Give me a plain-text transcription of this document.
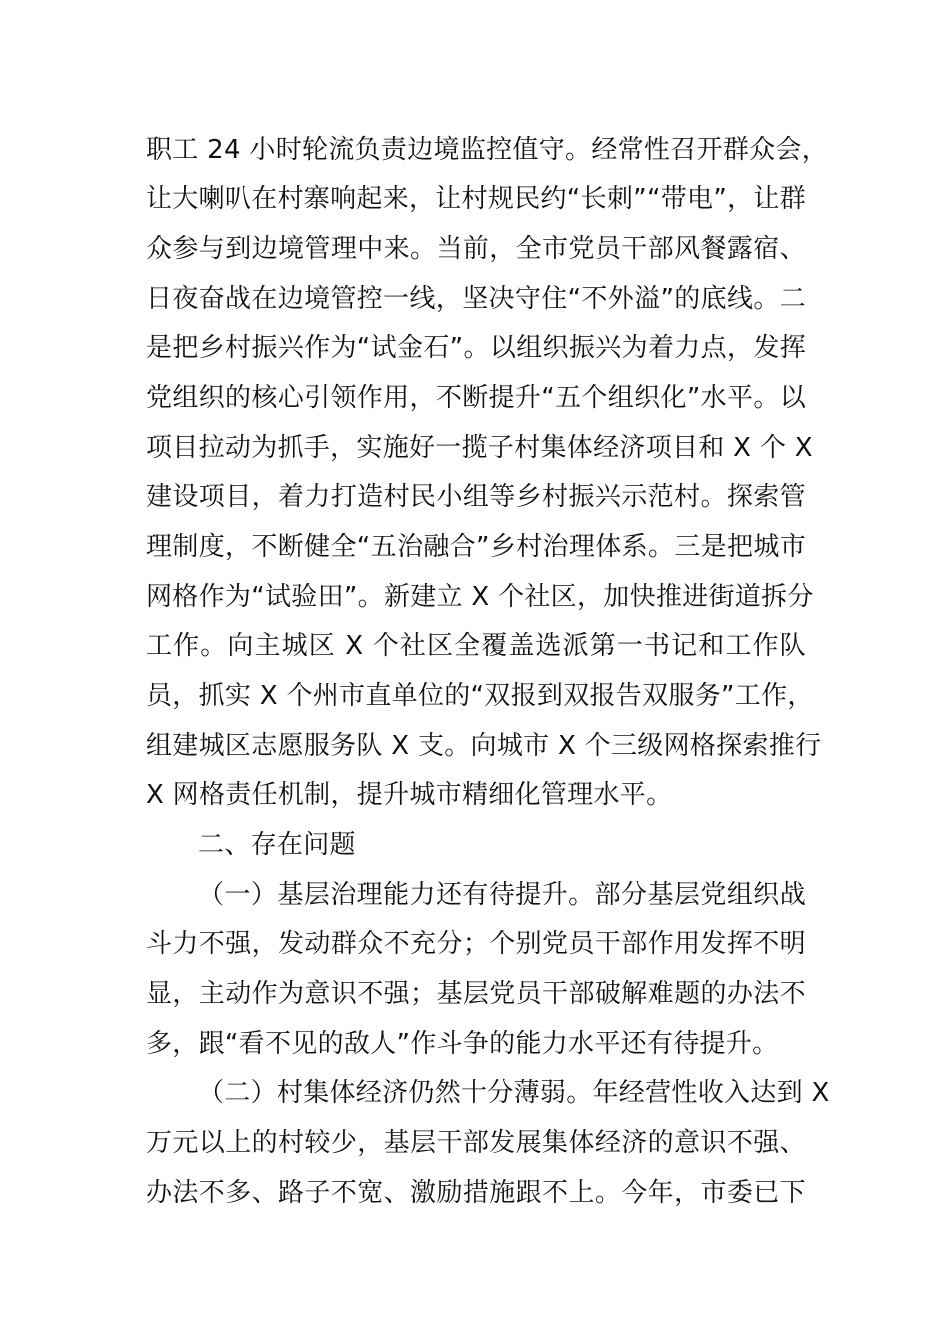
职工 24 小时轮流负责边境监控值守。经常性召开群众会，
让大喇叭在村寨响起来，让村规民约“长刺”“带电”，让群
众参与到边境管理中来。当前，全市党员干部风餐露宿、
日夜奋战在边境管控一线，坚决守住“不外溢”的底线。二
是把乡村振兴作为“试金石”。以组织振兴为着力点，发挥
党组织的核心引领作用，不断提升“五个组织化”水平。以
项目拉动为抓手，实施好一揽子村集体经济项目和 X 个 X
建设项目，着力打造村民小组等乡村振兴示范村。探索管
理制度，不断健全“五治融合”乡村治理体系。三是把城市
网格作为“试验田”。新建立 X 个社区，加快推进街道拆分
工作。向主城区 X 个社区全覆盖选派第一书记和工作队
员，抓实 X 个州市直单位的“双报到双报告双服务”工作，
组建城区志愿服务队 X 支。向城市 X 个三级网格探索推行
X 网格责任机制，提升城市精细化管理水平。
二、存在问题
（一）基层治理能力还有待提升。部分基层党组织战
斗力不强，发动群众不充分；个别党员干部作用发挥不明
显，主动作为意识不强；基层党员干部破解难题的办法不
多，跟“看不见的敌人”作斗争的能力水平还有待提升。
（二）村集体经济仍然十分薄弱。年经营性收入达到 X
万元以上的村较少，基层干部发展集体经济的意识不强、
办法不多、路子不宽、激励措施跟不上。今年，市委已下
